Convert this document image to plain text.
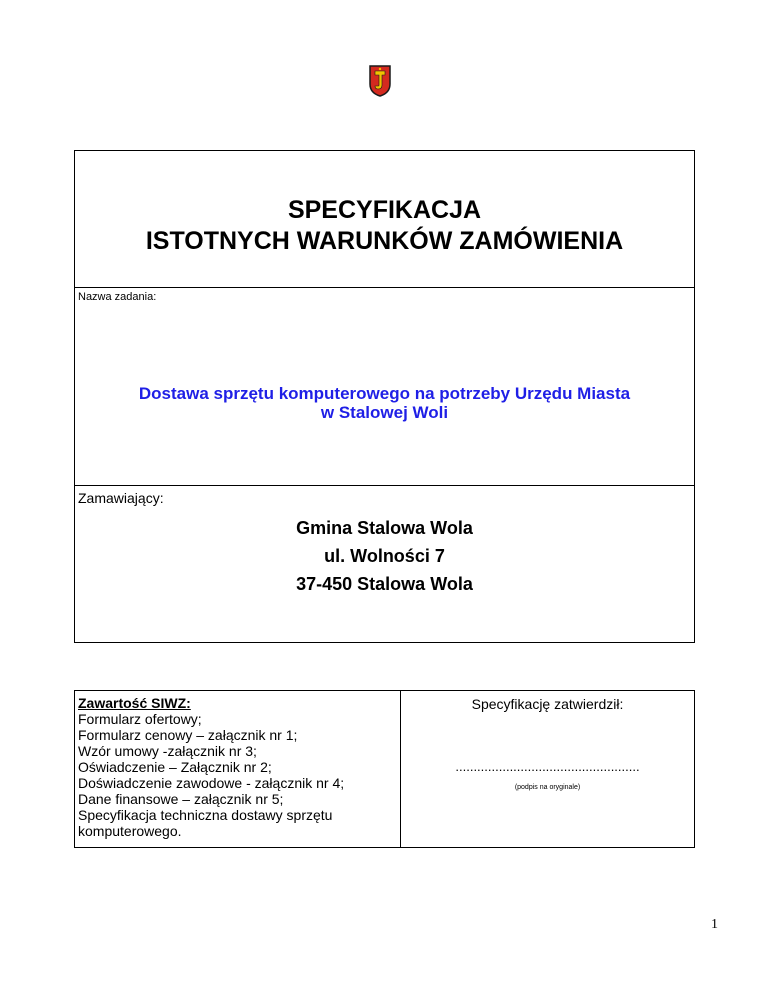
SPECYFIKACJA
ISTOTNYCH WARUNKÓW ZAMÓWIENIA
Nazwa zadania:
Dostawa sprzętu komputerowego na potrzeby Urzędu Miasta
w Stalowej Woli
Zamawiający:
Gmina Stalowa Wola
ul. Wolności 7
37-450 Stalowa Wola
Zawartość SIWZ:
Formularz ofertowy;
Formularz cenowy – załącznik nr 1;
Wzór umowy -załącznik nr 3;
Oświadczenie – Załącznik nr 2;
Doświadczenie zawodowe - załącznik nr 4;
Dane finansowe – załącznik nr 5;
Specyfikacja techniczna dostawy sprzętu
komputerowego.
Specyfikację zatwierdził:
...................................................
(podpis na oryginale)
1
